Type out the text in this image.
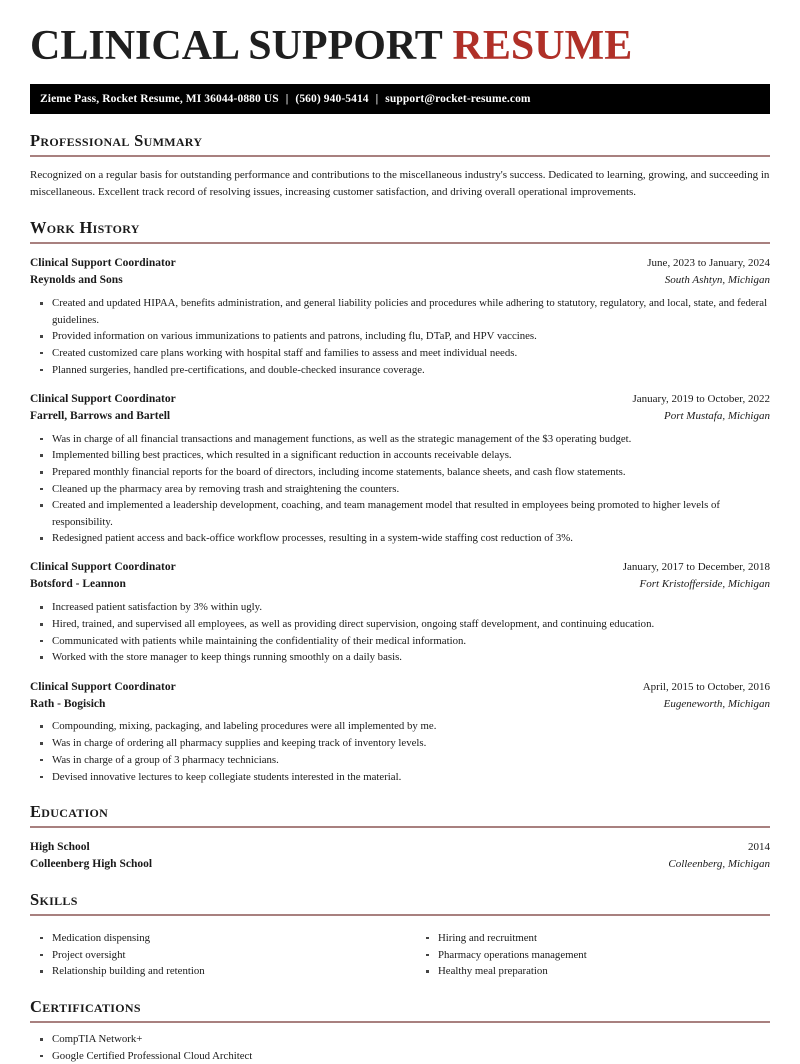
CLINICAL SUPPORT RESUME
Zieme Pass, Rocket Resume, MI 36044-0880 US | (560) 940-5414 | support@rocket-resume.com
Professional Summary
Recognized on a regular basis for outstanding performance and contributions to the miscellaneous industry's success. Dedicated to learning, growing, and succeeding in miscellaneous. Excellent track record of resolving issues, increasing customer satisfaction, and driving overall operational improvements.
Work History
Clinical Support Coordinator	June, 2023 to January, 2024
Reynolds and Sons	South Ashtyn, Michigan
Created and updated HIPAA, benefits administration, and general liability policies and procedures while adhering to statutory, regulatory, and local, state, and federal guidelines.
Provided information on various immunizations to patients and patrons, including flu, DTaP, and HPV vaccines.
Created customized care plans working with hospital staff and families to assess and meet individual needs.
Planned surgeries, handled pre-certifications, and double-checked insurance coverage.
Clinical Support Coordinator	January, 2019 to October, 2022
Farrell, Barrows and Bartell	Port Mustafa, Michigan
Was in charge of all financial transactions and management functions, as well as the strategic management of the $3 operating budget.
Implemented billing best practices, which resulted in a significant reduction in accounts receivable delays.
Prepared monthly financial reports for the board of directors, including income statements, balance sheets, and cash flow statements.
Cleaned up the pharmacy area by removing trash and straightening the counters.
Created and implemented a leadership development, coaching, and team management model that resulted in employees being promoted to higher levels of responsibility.
Redesigned patient access and back-office workflow processes, resulting in a system-wide staffing cost reduction of 3%.
Clinical Support Coordinator	January, 2017 to December, 2018
Botsford - Leannon	Fort Kristofferside, Michigan
Increased patient satisfaction by 3% within ugly.
Hired, trained, and supervised all employees, as well as providing direct supervision, ongoing staff development, and continuing education.
Communicated with patients while maintaining the confidentiality of their medical information.
Worked with the store manager to keep things running smoothly on a daily basis.
Clinical Support Coordinator	April, 2015 to October, 2016
Rath - Bogisich	Eugeneworth, Michigan
Compounding, mixing, packaging, and labeling procedures were all implemented by me.
Was in charge of ordering all pharmacy supplies and keeping track of inventory levels.
Was in charge of a group of 3 pharmacy technicians.
Devised innovative lectures to keep collegiate students interested in the material.
Education
High School	2014
Colleenberg High School	Colleenberg, Michigan
Skills
Medication dispensing
Project oversight
Relationship building and retention
Hiring and recruitment
Pharmacy operations management
Healthy meal preparation
Certifications
CompTIA Network+
Google Certified Professional Cloud Architect
